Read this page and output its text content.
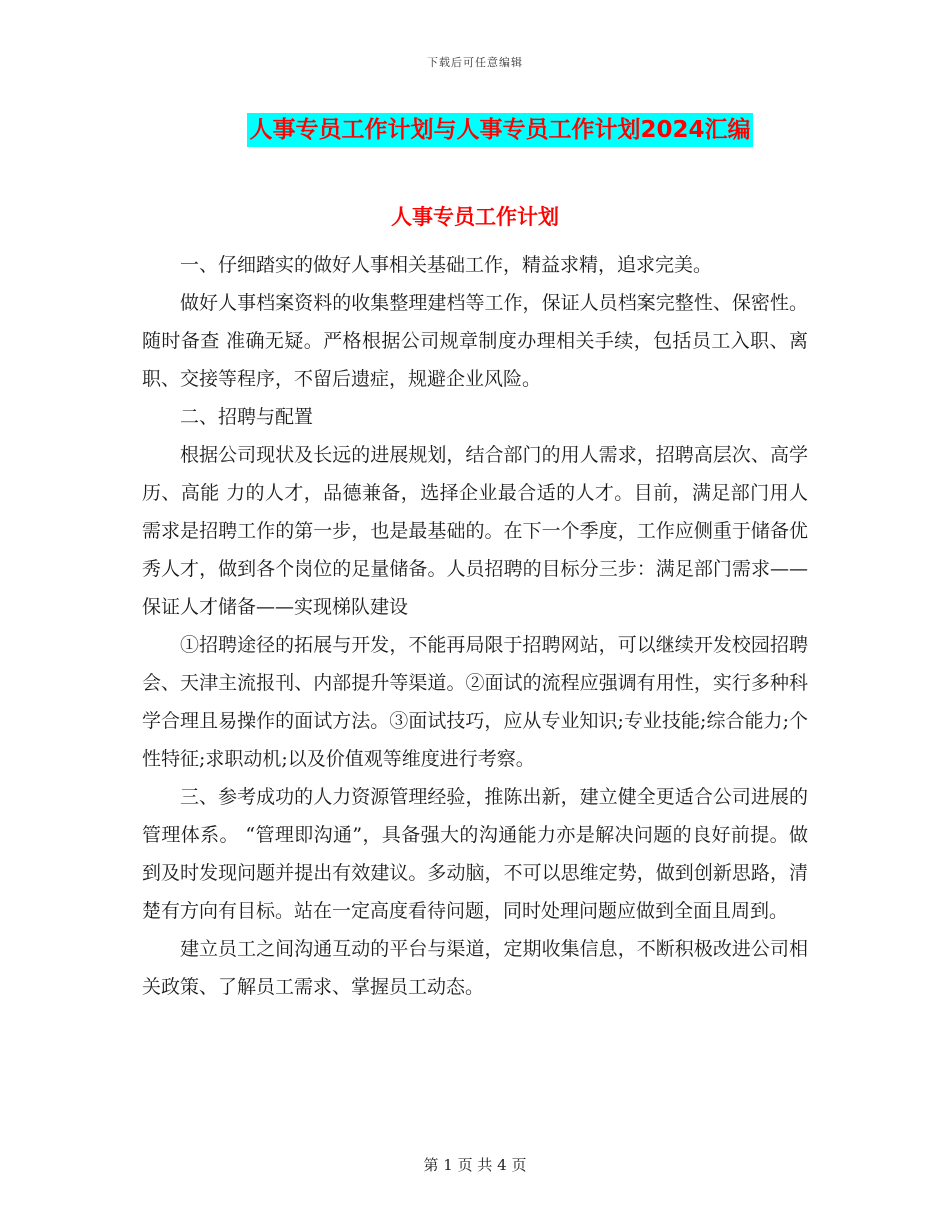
下载后可任意编辑
人事专员工作计划与人事专员工作计划2024汇编
人事专员工作计划

一、仔细踏实的做好人事相关基础工作，精益求精，追求完美。

做好人事档案资料的收集整理建档等工作，保证人员档案完整性、保密性。随时备查 准确无疑。严格根据公司规章制度办理相关手续，包括员工入职、离职、交接等程序，不留后遗症，规避企业风险。

二、招聘与配置

根据公司现状及长远的进展规划，结合部门的用人需求，招聘高层次、高学历、高能 力的人才，品德兼备，选择企业最合适的人才。目前，满足部门用人需求是招聘工作的第一步，也是最基础的。在下一个季度，工作应侧重于储备优秀人才，做到各个岗位的足量储备。人员招聘的目标分三步：满足部门需求——保证人才储备——实现梯队建设

①招聘途径的拓展与开发，不能再局限于招聘网站，可以继续开发校园招聘会、天津主流报刊、内部提升等渠道。②面试的流程应强调有用性，实行多种科学合理且易操作的面试方法。③面试技巧，应从专业知识;专业技能;综合能力;个性特征;求职动机;以及价值观等维度进行考察。

三、参考成功的人力资源管理经验，推陈出新，建立健全更适合公司进展的管理体系。 “管理即沟通”，具备强大的沟通能力亦是解决问题的良好前提。做到及时发现问题并提出有效建议。多动脑，不可以思维定势，做到创新思路，清楚有方向有目标。站在一定高度看待问题，同时处理问题应做到全面且周到。

建立员工之间沟通互动的平台与渠道，定期收集信息，不断积极改进公司相关政策、了解员工需求、掌握员工动态。

第 1 页 共 4 页
